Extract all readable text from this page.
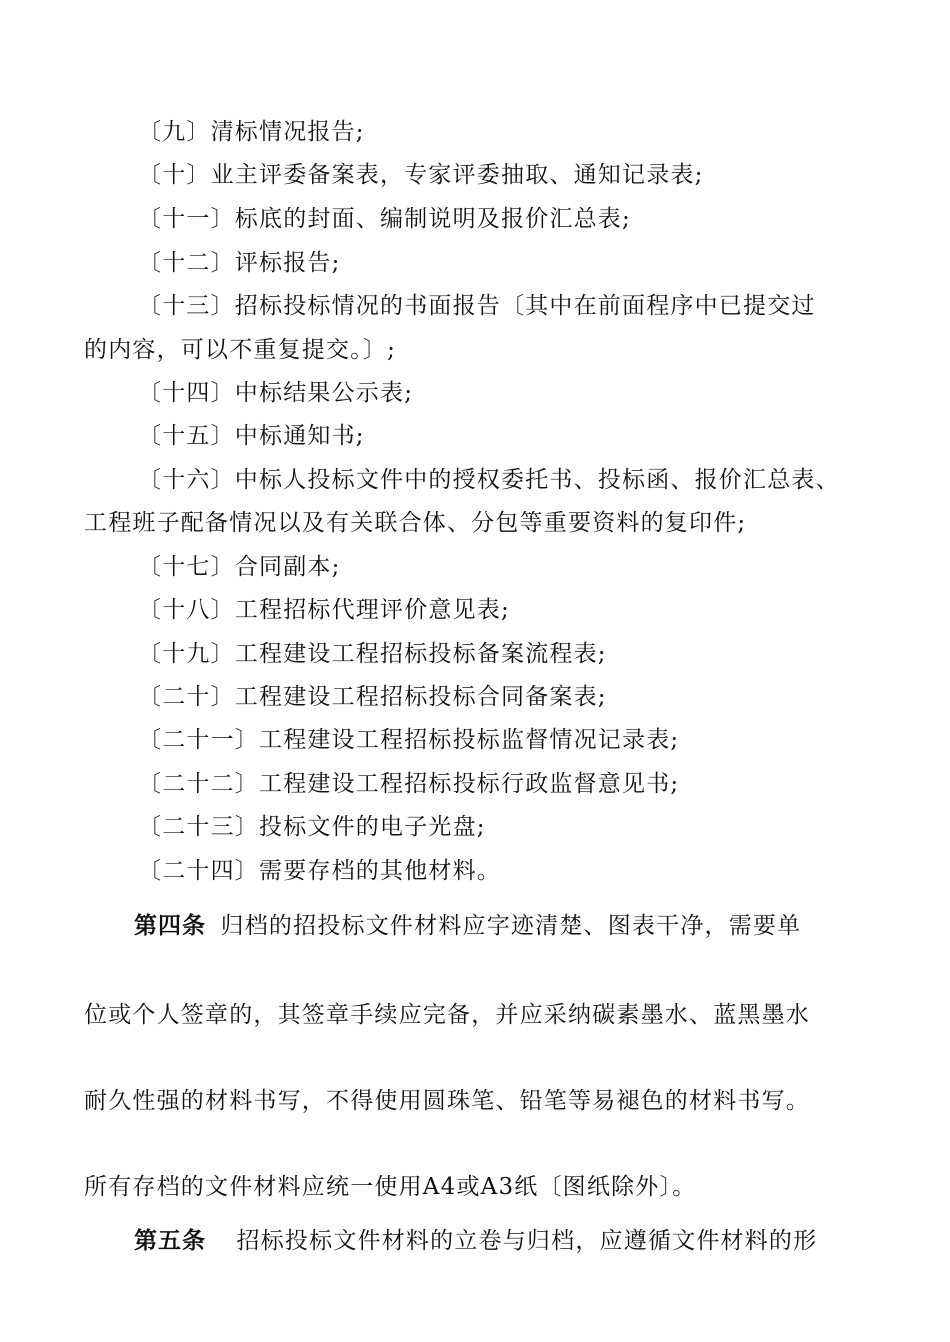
〔九〕清标情况报告;
〔十〕业主评委备案表，专家评委抽取、通知记录表;
〔十一〕标底的封面、编制说明及报价汇总表;
〔十二〕评标报告;
〔十三〕招标投标情况的书面报告〔其中在前面程序中已提交过
的内容，可以不重复提交。〕;
〔十四〕中标结果公示表;
〔十五〕中标通知书;
〔十六〕中标人投标文件中的授权委托书、投标函、报价汇总表、
工程班子配备情况以及有关联合体、分包等重要资料的复印件;
〔十七〕合同副本;
〔十八〕工程招标代理评价意见表;
〔十九〕工程建设工程招标投标备案流程表;
〔二十〕工程建设工程招标投标合同备案表;
〔二十一〕工程建设工程招标投标监督情况记录表;
〔二十二〕工程建设工程招标投标行政监督意见书;
〔二十三〕投标文件的电子光盘;
〔二十四〕需要存档的其他材料。
第四条 归档的招投标文件材料应字迹清楚、图表干净，需要单
位或个人签章的，其签章手续应完备，并应采纳碳素墨水、蓝黑墨水
耐久性强的材料书写，不得使用圆珠笔、铅笔等易褪色的材料书写。
所有存档的文件材料应统一使用A4或A3纸〔图纸除外〕。
第五条 招标投标文件材料的立卷与归档，应遵循文件材料的形
